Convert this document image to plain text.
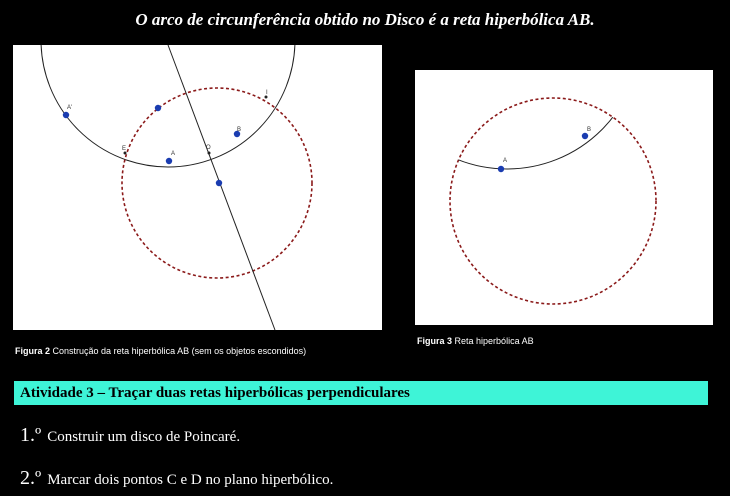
O arco de circunferência obtido no Disco é a reta hiperbólica AB.
A'
A
B
E	O
I
Figura 2 Construção da reta hiperbólica AB (sem os objetos escondidos)
A
B
Figura 3 Reta hiperbólica AB
Atividade 3 – Traçar duas retas hiperbólicas perpendiculares
1.º Construir um disco de Poincaré.
2.º Marcar dois pontos C e D no plano hiperbólico.
